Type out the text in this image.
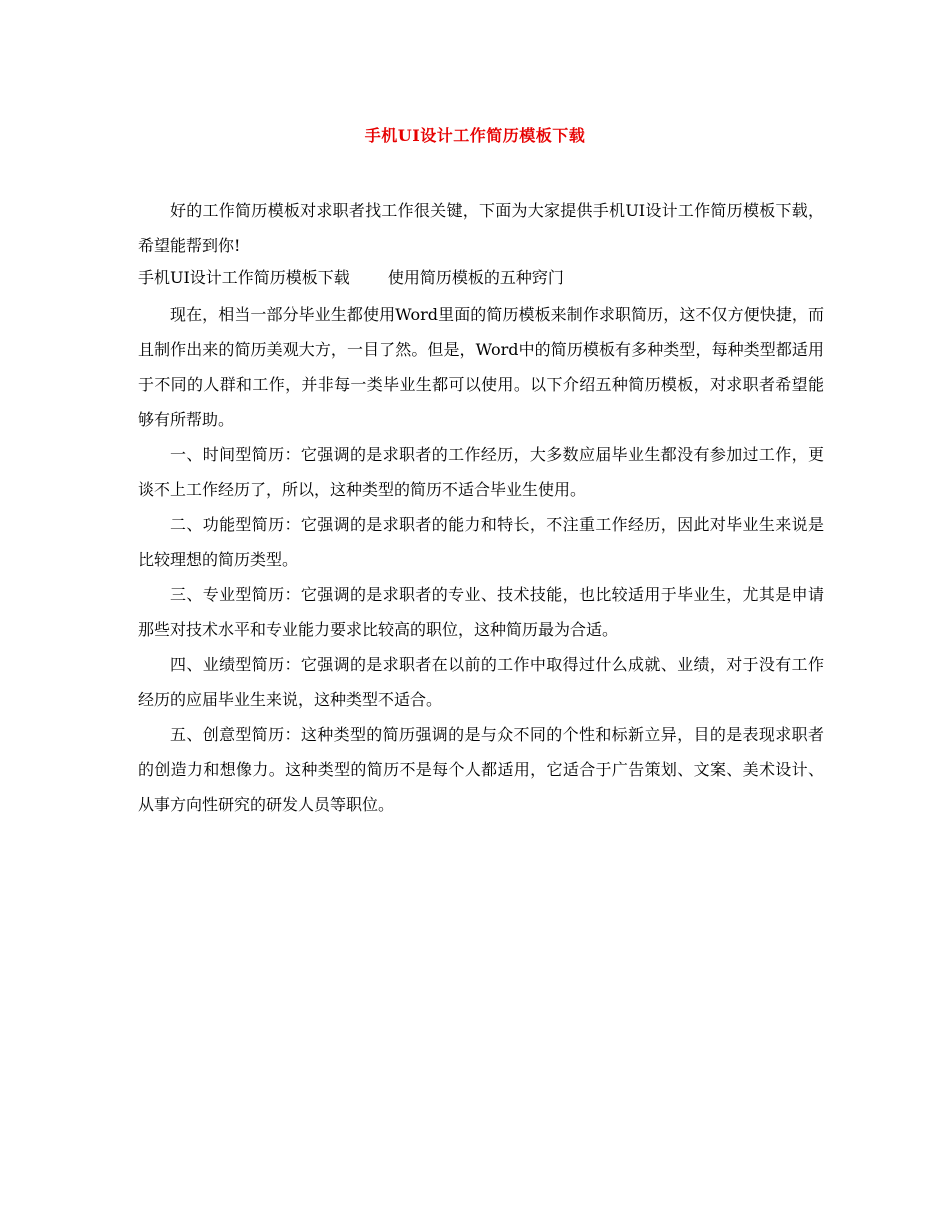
手机UI设计工作简历模板下载

好的工作简历模板对求职者找工作很关键，下面为大家提供手机UI设计工作简历模板下载，希望能帮到你!

手机UI设计工作简历模板下载 使用简历模板的五种窍门

现在，相当一部分毕业生都使用Word里面的简历模板来制作求职简历，这不仅方便快捷，而且制作出来的简历美观大方，一目了然。但是，Word中的简历模板有多种类型，每种类型都适用于不同的人群和工作，并非每一类毕业生都可以使用。以下介绍五种简历模板，对求职者希望能够有所帮助。

一、时间型简历：它强调的是求职者的工作经历，大多数应届毕业生都没有参加过工作，更谈不上工作经历了，所以，这种类型的简历不适合毕业生使用。

二、功能型简历：它强调的是求职者的能力和特长，不注重工作经历，因此对毕业生来说是比较理想的简历类型。

三、专业型简历：它强调的是求职者的专业、技术技能，也比较适用于毕业生，尤其是申请那些对技术水平和专业能力要求比较高的职位，这种简历最为合适。

四、业绩型简历：它强调的是求职者在以前的工作中取得过什么成就、业绩，对于没有工作经历的应届毕业生来说，这种类型不适合。

五、创意型简历：这种类型的简历强调的是与众不同的个性和标新立异，目的是表现求职者的创造力和想像力。这种类型的简历不是每个人都适用，它适合于广告策划、文案、美术设计、从事方向性研究的研发人员等职位。
